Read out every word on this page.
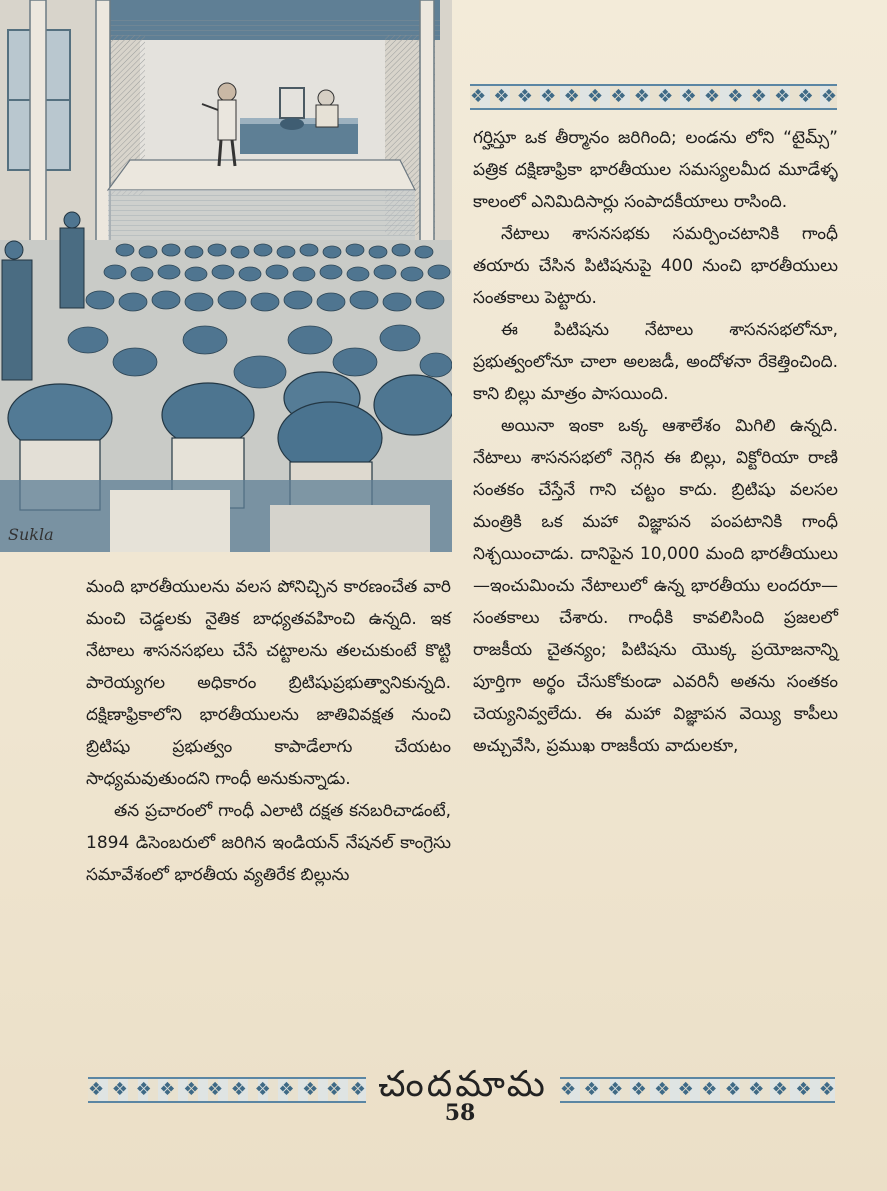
Sukla
❖ ❖ ❖ ❖ ❖ ❖ ❖ ❖ ❖ ❖ ❖ ❖ ❖ ❖ ❖ ❖

గర్హిస్తూ ఒక తీర్మానం జరిగింది; లండను లోని “టైమ్స్” పత్రిక దక్షిణాఫ్రికా భారతీయుల సమస్యలమీద మూడేళ్ళ కాలంలో ఎనిమిదిసార్లు సంపాదకీయాలు రాసింది.

నేటాలు శాసనసభకు సమర్పించటానికి గాంధీ తయారు చేసిన పిటిషనుపై 400 నుంచి భారతీయులు సంతకాలు పెట్టారు.

ఈ పిటిషను నేటాలు శాసనసభలోనూ, ప్రభుత్వంలోనూ చాలా అలజడీ, అందోళనా రేకెత్తించింది. కాని బిల్లు మాత్రం పాసయింది.

అయినా ఇంకా ఒక్క ఆశాలేశం మిగిలి ఉన్నది. నేటాలు శాసనసభలో నెగ్గిన ఈ బిల్లు, విక్టోరియా రాణి సంతకం చేస్తేనే గాని చట్టం కాదు. బ్రిటిషు వలసల మంత్రికి ఒక మహా విజ్ఞాపన పంపటానికి గాంధీ నిశ్చయించాడు. దానిపైన 10,000 మంది భారతీయులు—ఇంచుమించు నేటాలులో ఉన్న భారతీయు లందరూ—సంతకాలు చేశారు. గాంధీకి కావలిసింది ప్రజలలో రాజకీయ చైతన్యం; పిటిషను యొక్క ప్రయోజనాన్ని పూర్తిగా అర్థం చేసుకోకుండా ఎవరినీ అతను సంతకం చెయ్యనివ్వలేదు. ఈ మహా విజ్ఞాపన వెయ్యి కాపీలు అచ్చువేసి, ప్రముఖ రాజకీయ వాదులకూ,

మంది భారతీయులను వలస పోనిచ్చిన కారణంచేత వారి మంచి చెడ్డలకు నైతిక బాధ్యతవహించి ఉన్నది. ఇక నేటాలు శాసనసభలు చేసే చట్టాలను తలచుకుంటే కొట్టి పారెయ్యగల అధికారం బ్రిటిషుప్రభుత్వానికున్నది. దక్షిణాఫ్రికాలోని భారతీయులను జాతివివక్షత నుంచి బ్రిటిషు ప్రభుత్వం కాపాడేలాగు చేయటం సాధ్యమవుతుందని గాంధీ అనుకున్నాడు.

తన ప్రచారంలో గాంధీ ఎలాటి దక్షత కనబరిచాడంటే, 1894 డిసెంబరులో జరిగిన ఇండియన్ నేషనల్ కాంగ్రెసు సమావేశంలో భారతీయ వ్యతిరేక బిల్లును

❖ ❖ ❖ ❖ ❖ ❖ ❖ ❖ ❖ ❖ ❖ ❖ చందమామ ❖ ❖ ❖ ❖ ❖ ❖ ❖ ❖ ❖ ❖ ❖ ❖
58
